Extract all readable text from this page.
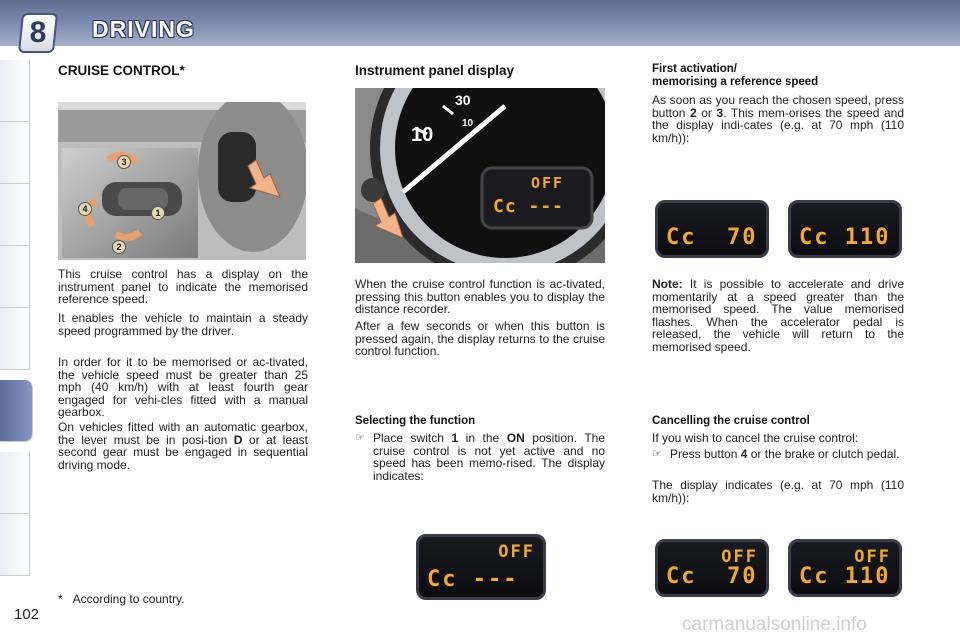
8 DRIVING
102
CRUISE CONTROL*
3
4	1
2
This cruise control has a display on the instrument panel to indicate the memorised reference speed.
It enables the vehicle to maintain a steady speed programmed by the driver.
In order for it to be memorised or ac-tivated, the vehicle speed must be greater than 25 mph (40 km/h) with at least fourth gear engaged for vehi-cles fitted with a manual gearbox.
On vehicles fitted with an automatic gearbox, the lever must be in posi-tion D or at least second gear must be engaged in sequential driving mode.
Instrument panel display
30
10
10
OFF
Cc ---
When the cruise control function is ac-tivated, pressing this button enables you to display the distance recorder.
After a few seconds or when this button is pressed again, the display returns to the cruise control function.
Selecting the function
☞ Place switch 1 in the ON position. The cruise control is not yet active and no speed has been memo-rised. The display indicates:
OFF
Cc ---
First activation/
memorising a reference speed
As soon as you reach the chosen speed, press button 2 or 3. This mem-orises the speed and the display indi-cates (e.g. at 70 mph (110 km/h)):
Cc  70 Cc 110
Note: It is possible to accelerate and drive momentarily at a speed greater than the memorised speed. The value memorised flashes. When the accelerator pedal is released, the vehicle will return to the memorised speed.
Cancelling the cruise control
If you wish to cancel the cruise control:
☞ Press button 4 or the brake or clutch pedal.
The display indicates (e.g. at 70 mph (110 km/h)):
OFF
Cc  70
OFF
Cc 110
* According to country.
carmanualsonline.info
